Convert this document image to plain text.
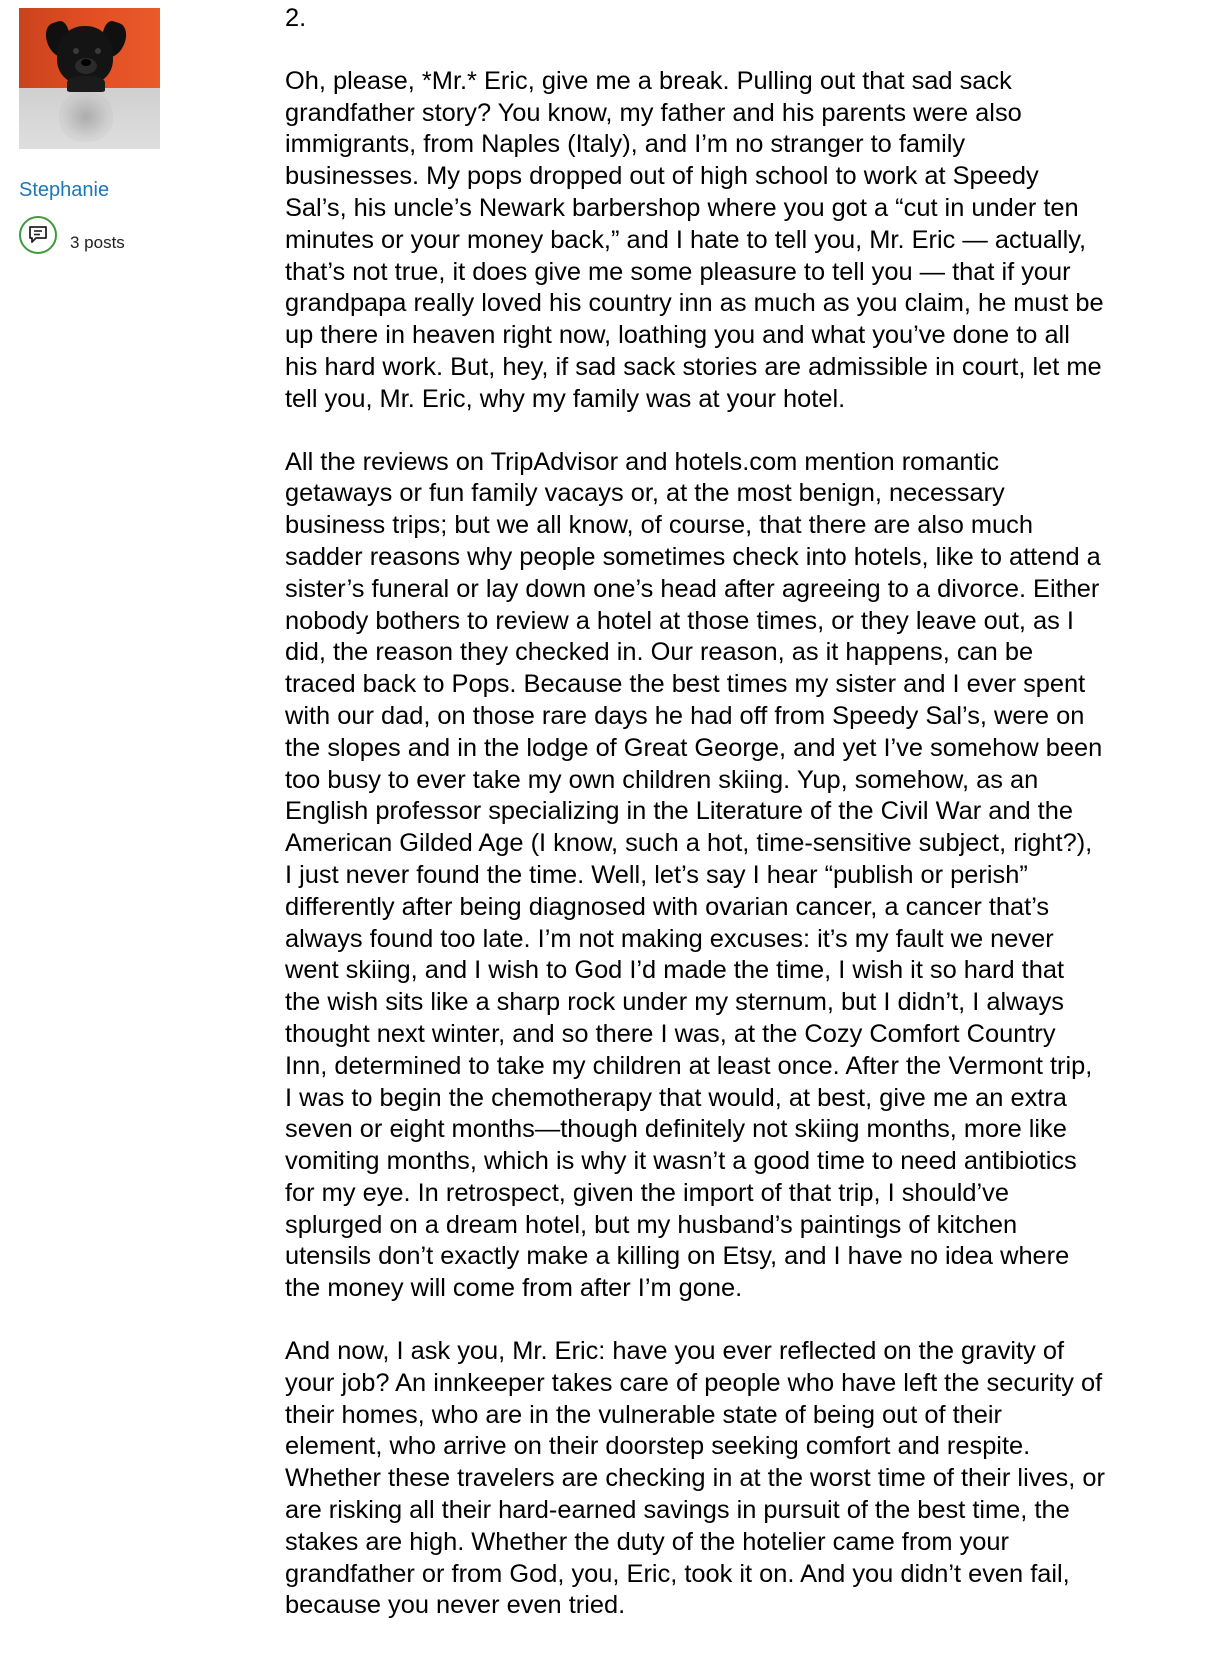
Stephanie
3 posts

2.

Oh, please, *Mr.* Eric, give me a break. Pulling out that sad sack
grandfather story? You know, my father and his parents were also
immigrants, from Naples (Italy), and I’m no stranger to family
businesses. My pops dropped out of high school to work at Speedy
Sal’s, his uncle’s Newark barbershop where you got a “cut in under ten
minutes or your money back,” and I hate to tell you, Mr. Eric — actually,
that’s not true, it does give me some pleasure to tell you — that if your
grandpapa really loved his country inn as much as you claim, he must be
up there in heaven right now, loathing you and what you’ve done to all
his hard work. But, hey, if sad sack stories are admissible in court, let me
tell you, Mr. Eric, why my family was at your hotel.

All the reviews on TripAdvisor and hotels.com mention romantic
getaways or fun family vacays or, at the most benign, necessary
business trips; but we all know, of course, that there are also much
sadder reasons why people sometimes check into hotels, like to attend a
sister’s funeral or lay down one’s head after agreeing to a divorce. Either
nobody bothers to review a hotel at those times, or they leave out, as I
did, the reason they checked in. Our reason, as it happens, can be
traced back to Pops. Because the best times my sister and I ever spent
with our dad, on those rare days he had off from Speedy Sal’s, were on
the slopes and in the lodge of Great George, and yet I’ve somehow been
too busy to ever take my own children skiing. Yup, somehow, as an
English professor specializing in the Literature of the Civil War and the
American Gilded Age (I know, such a hot, time-sensitive subject, right?),
I just never found the time. Well, let’s say I hear “publish or perish”
differently after being diagnosed with ovarian cancer, a cancer that’s
always found too late. I’m not making excuses: it’s my fault we never
went skiing, and I wish to God I’d made the time, I wish it so hard that
the wish sits like a sharp rock under my sternum, but I didn’t, I always
thought next winter, and so there I was, at the Cozy Comfort Country
Inn, determined to take my children at least once. After the Vermont trip,
I was to begin the chemotherapy that would, at best, give me an extra
seven or eight months—though definitely not skiing months, more like
vomiting months, which is why it wasn’t a good time to need antibiotics
for my eye. In retrospect, given the import of that trip, I should’ve
splurged on a dream hotel, but my husband’s paintings of kitchen
utensils don’t exactly make a killing on Etsy, and I have no idea where
the money will come from after I’m gone.

And now, I ask you, Mr. Eric: have you ever reflected on the gravity of
your job? An innkeeper takes care of people who have left the security of
their homes, who are in the vulnerable state of being out of their
element, who arrive on their doorstep seeking comfort and respite.
Whether these travelers are checking in at the worst time of their lives, or
are risking all their hard-earned savings in pursuit of the best time, the
stakes are high. Whether the duty of the hotelier came from your
grandfather or from God, you, Eric, took it on. And you didn’t even fail,
because you never even tried.
